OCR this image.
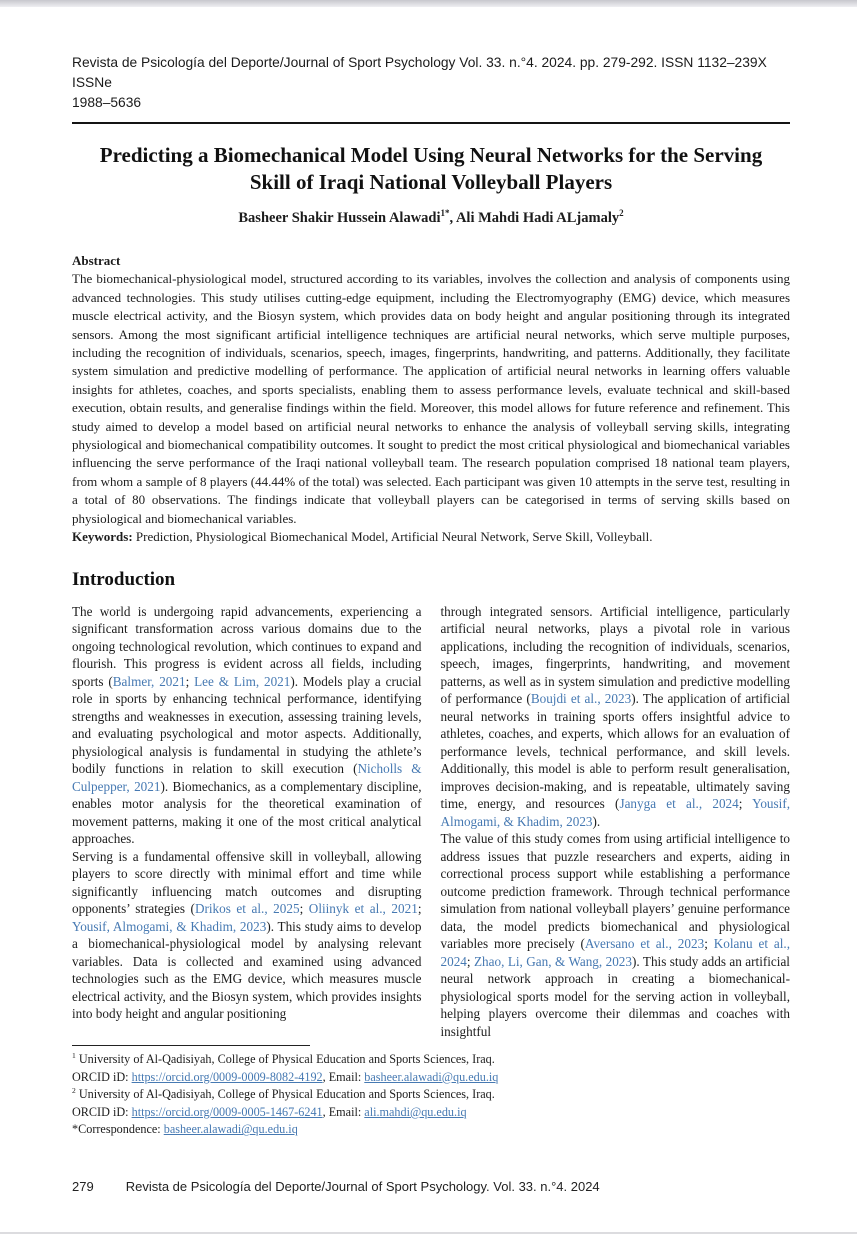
Revista de Psicología del Deporte/Journal of Sport Psychology Vol. 33. n.°4. 2024. pp. 279-292. ISSN 1132–239X ISSNe
1988–5636
Predicting a Biomechanical Model Using Neural Networks for the Serving Skill of Iraqi National Volleyball Players
Basheer Shakir Hussein Alawadi$^{1*}$, Ali Mahdi Hadi ALjamaly$^2$

Abstract

The biomechanical-physiological model, structured according to its variables, involves the collection and analysis of components using advanced technologies. This study utilises cutting-edge equipment, including the Electromyography (EMG) device, which measures muscle electrical activity, and the Biosyn system, which provides data on body height and angular positioning through its integrated sensors. Among the most significant artificial intelligence techniques are artificial neural networks, which serve multiple purposes, including the recognition of individuals, scenarios, speech, images, fingerprints, handwriting, and patterns. Additionally, they facilitate system simulation and predictive modelling of performance. The application of artificial neural networks in learning offers valuable insights for athletes, coaches, and sports specialists, enabling them to assess performance levels, evaluate technical and skill-based execution, obtain results, and generalise findings within the field. Moreover, this model allows for future reference and refinement. This study aimed to develop a model based on artificial neural networks to enhance the analysis of volleyball serving skills, integrating physiological and biomechanical compatibility outcomes. It sought to predict the most critical physiological and biomechanical variables influencing the serve performance of the Iraqi national volleyball team. The research population comprised 18 national team players, from whom a sample of 8 players (44.44% of the total) was selected. Each participant was given 10 attempts in the serve test, resulting in a total of 80 observations. The findings indicate that volleyball players can be categorised in terms of serving skills based on physiological and biomechanical variables.

Keywords: Prediction, Physiological Biomechanical Model, Artificial Neural Network, Serve Skill, Volleyball.

Introduction

The world is undergoing rapid advancements, experiencing a significant transformation across various domains due to the ongoing technological revolution, which continues to expand and flourish. This progress is evident across all fields, including sports (Balmer, 2021; Lee & Lim, 2021). Models play a crucial role in sports by enhancing technical performance, identifying strengths and weaknesses in execution, assessing training levels, and evaluating psychological and motor aspects. Additionally, physiological analysis is fundamental in studying the athlete’s bodily functions in relation to skill execution (Nicholls & Culpepper, 2021). Biomechanics, as a complementary discipline, enables motor analysis for the theoretical examination of movement patterns, making it one of the most critical analytical approaches.

Serving is a fundamental offensive skill in volleyball, allowing players to score directly with minimal effort and time while significantly influencing match outcomes and disrupting opponents’ strategies (Drikos et al., 2025; Oliinyk et al., 2021; Yousif, Almogami, & Khadim, 2023). This study aims to develop a biomechanical-physiological model by analysing relevant variables. Data is collected and examined using advanced technologies such as the EMG device, which measures muscle electrical activity, and the Biosyn system, which provides insights into body height and angular positioning

through integrated sensors. Artificial intelligence, particularly artificial neural networks, plays a pivotal role in various applications, including the recognition of individuals, scenarios, speech, images, fingerprints, handwriting, and movement patterns, as well as in system simulation and predictive modelling of performance (Boujdi et al., 2023). The application of artificial neural networks in training sports offers insightful advice to athletes, coaches, and experts, which allows for an evaluation of performance levels, technical performance, and skill levels. Additionally, this model is able to perform result generalisation, improves decision-making, and is repeatable, ultimately saving time, energy, and resources (Janyga et al., 2024; Yousif, Almogami, & Khadim, 2023).

The value of this study comes from using artificial intelligence to address issues that puzzle researchers and experts, aiding in correctional process support while establishing a performance outcome prediction framework. Through technical performance simulation from national volleyball players’ genuine performance data, the model predicts biomechanical and physiological variables more precisely (Aversano et al., 2023; Kolanu et al., 2024; Zhao, Li, Gan, & Wang, 2023). This study adds an artificial neural network approach in creating a biomechanical-physiological sports model for the serving action in volleyball, helping players overcome their dilemmas and coaches with insightful

$^1$ University of Al-Qadisiyah, College of Physical Education and Sports Sciences, Iraq.

ORCID iD: https://orcid.org/0009-0009-8082-4192, Email: basheer.alawadi@qu.edu.iq

$^2$ University of Al-Qadisiyah, College of Physical Education and Sports Sciences, Iraq.

ORCID iD: https://orcid.org/0009-0005-1467-6241, Email: ali.mahdi@qu.edu.iq

*Correspondence: basheer.alawadi@qu.edu.iq

279 Revista de Psicología del Deporte/Journal of Sport Psychology. Vol. 33. n.°4. 2024
